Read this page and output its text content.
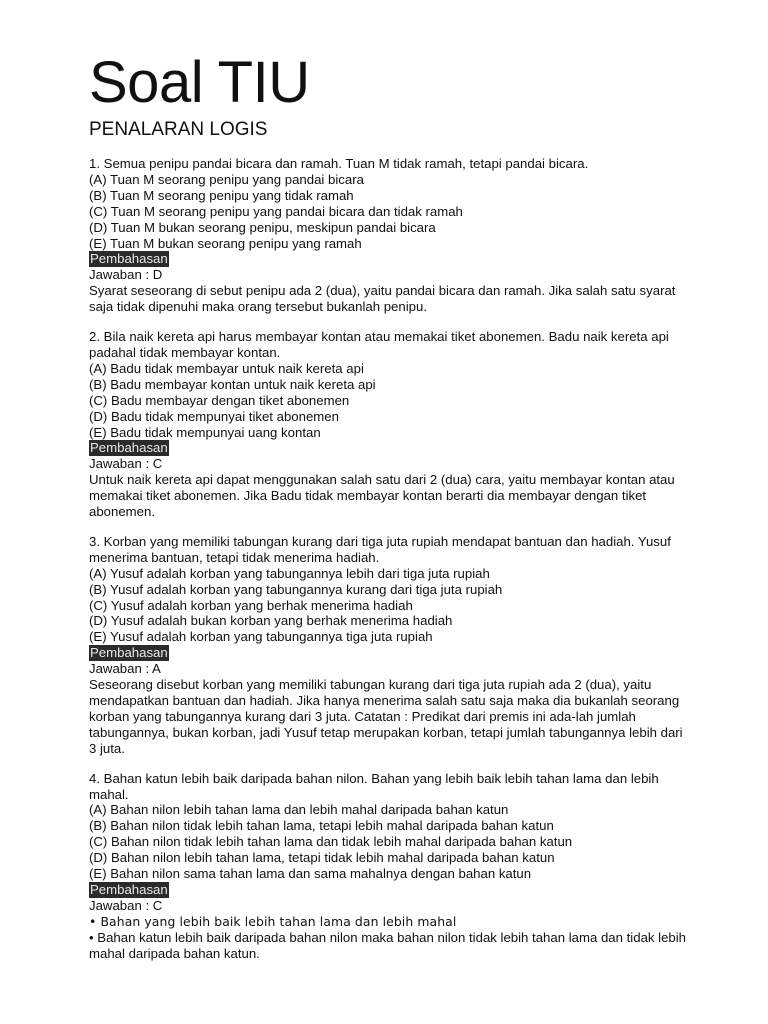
Soal TIU
PENALARAN LOGIS

1. Semua penipu pandai bicara dan ramah. Tuan M tidak ramah, tetapi pandai bicara.

(A) Tuan M seorang penipu yang pandai bicara

(B) Tuan M seorang penipu yang tidak ramah

(C) Tuan M seorang penipu yang pandai bicara dan tidak ramah

(D) Tuan M bukan seorang penipu, meskipun pandai bicara

(E) Tuan M bukan seorang penipu yang ramah

Pembahasan

Jawaban : D

Syarat seseorang di sebut penipu ada 2 (dua), yaitu pandai bicara dan ramah. Jika salah satu syarat saja tidak dipenuhi maka orang tersebut bukanlah penipu.

2. Bila naik kereta api harus membayar kontan atau memakai tiket abonemen. Badu naik kereta api padahal tidak membayar kontan.

(A) Badu tidak membayar untuk naik kereta api

(B) Badu membayar kontan untuk naik kereta api

(C) Badu membayar dengan tiket abonemen

(D) Badu tidak mempunyai tiket abonemen

(E) Badu tidak mempunyai uang kontan

Pembahasan

Jawaban : C

Untuk naik kereta api dapat menggunakan salah satu dari 2 (dua) cara, yaitu membayar kontan atau memakai tiket abonemen. Jika Badu tidak membayar kontan berarti dia membayar dengan tiket abonemen.

3. Korban yang memiliki tabungan kurang dari tiga juta rupiah mendapat bantuan dan hadiah. Yusuf menerima bantuan, tetapi tidak menerima hadiah.

(A) Yusuf adalah korban yang tabungannya lebih dari tiga juta rupiah

(B) Yusuf adalah korban yang tabungannya kurang dari tiga juta rupiah

(C) Yusuf adalah korban yang berhak menerima hadiah

(D) Yusuf adalah bukan korban yang berhak menerima hadiah

(E) Yusuf adalah korban yang tabungannya tiga juta rupiah

Pembahasan

Jawaban : A

Seseorang disebut korban yang memiliki tabungan kurang dari tiga juta rupiah ada 2 (dua), yaitu mendapatkan bantuan dan hadiah. Jika hanya menerima salah satu saja maka dia bukanlah seorang korban yang tabungannya kurang dari 3 juta. Catatan : Predikat dari premis ini ada-lah jumlah tabungannya, bukan korban, jadi Yusuf tetap merupakan korban, tetapi jumlah tabungannya lebih dari 3 juta.

4. Bahan katun lebih baik daripada bahan nilon. Bahan yang lebih baik lebih tahan lama dan lebih mahal.

(A) Bahan nilon lebih tahan lama dan lebih mahal daripada bahan katun

(B) Bahan nilon tidak lebih tahan lama, tetapi lebih mahal daripada bahan katun

(C) Bahan nilon tidak lebih tahan lama dan tidak lebih mahal daripada bahan katun

(D) Bahan nilon lebih tahan lama, tetapi tidak lebih mahal daripada bahan katun

(E) Bahan nilon sama tahan lama dan sama mahalnya dengan bahan katun

Pembahasan

Jawaban : C

• Bahan yang lebih baik lebih tahan lama dan lebih mahal

• Bahan katun lebih baik daripada bahan nilon maka bahan nilon tidak lebih tahan lama dan tidak lebih mahal daripada bahan katun.
